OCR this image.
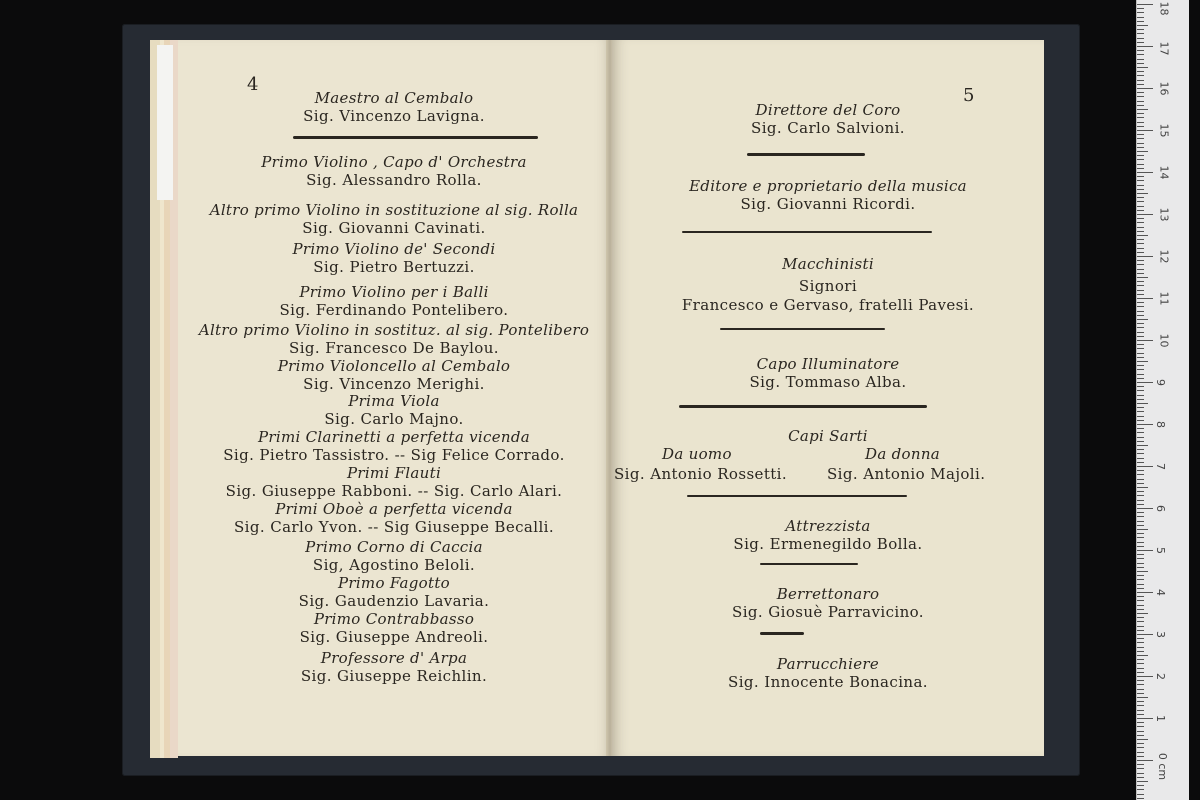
4
Maestro al Cembalo
Sig. Vincenzo Lavigna.
Primo Violino , Capo d' Orchestra
Sig. Alessandro Rolla.
Altro primo Violino in sostituzione al sig. Rolla
Sig. Giovanni Cavinati.
Primo Violino de' Secondi
Sig. Pietro Bertuzzi.
Primo Violino per i Balli
Sig. Ferdinando Pontelibero.
Altro primo Violino in sostituz. al sig. Pontelibero
Sig. Francesco De Baylou.
Primo Violoncello al Cembalo
Sig. Vincenzo Merighi.
Prima Viola
Sig. Carlo Majno.
Primi Clarinetti a perfetta vicenda
Sig. Pietro Tassistro. -- Sig Felice Corrado.
Primi Flauti
Sig. Giuseppe Rabboni. -- Sig. Carlo Alari.
Primi Oboè a perfetta vicenda
Sig. Carlo Yvon. -- Sig Giuseppe Becalli.
Primo Corno di Caccia
Sig, Agostino Beloli.
Primo Fagotto
Sig. Gaudenzio Lavaria.
Primo Contrabbasso
Sig. Giuseppe Andreoli.
Professore d' Arpa
Sig. Giuseppe Reichlin.
5
Direttore del Coro
Sig. Carlo Salvioni.
Editore e proprietario della musica
Sig. Giovanni Ricordi.
Macchinisti
Signori
Francesco e Gervaso, fratelli Pavesi.
Capo Illuminatore
Sig. Tommaso Alba.
Capi Sarti
Da uomo
Sig. Antonio Rossetti.
Da donna
Sig. Antonio Majoli.
Attrezzista
Sig. Ermenegildo Bolla.
Berrettonaro
Sig. Giosuè Parravicino.
Parrucchiere
Sig. Innocente Bonacina.
18
17
16
15
14
13
12
11
10
9
8
7
6
5
4
3
2
1
0 cm
